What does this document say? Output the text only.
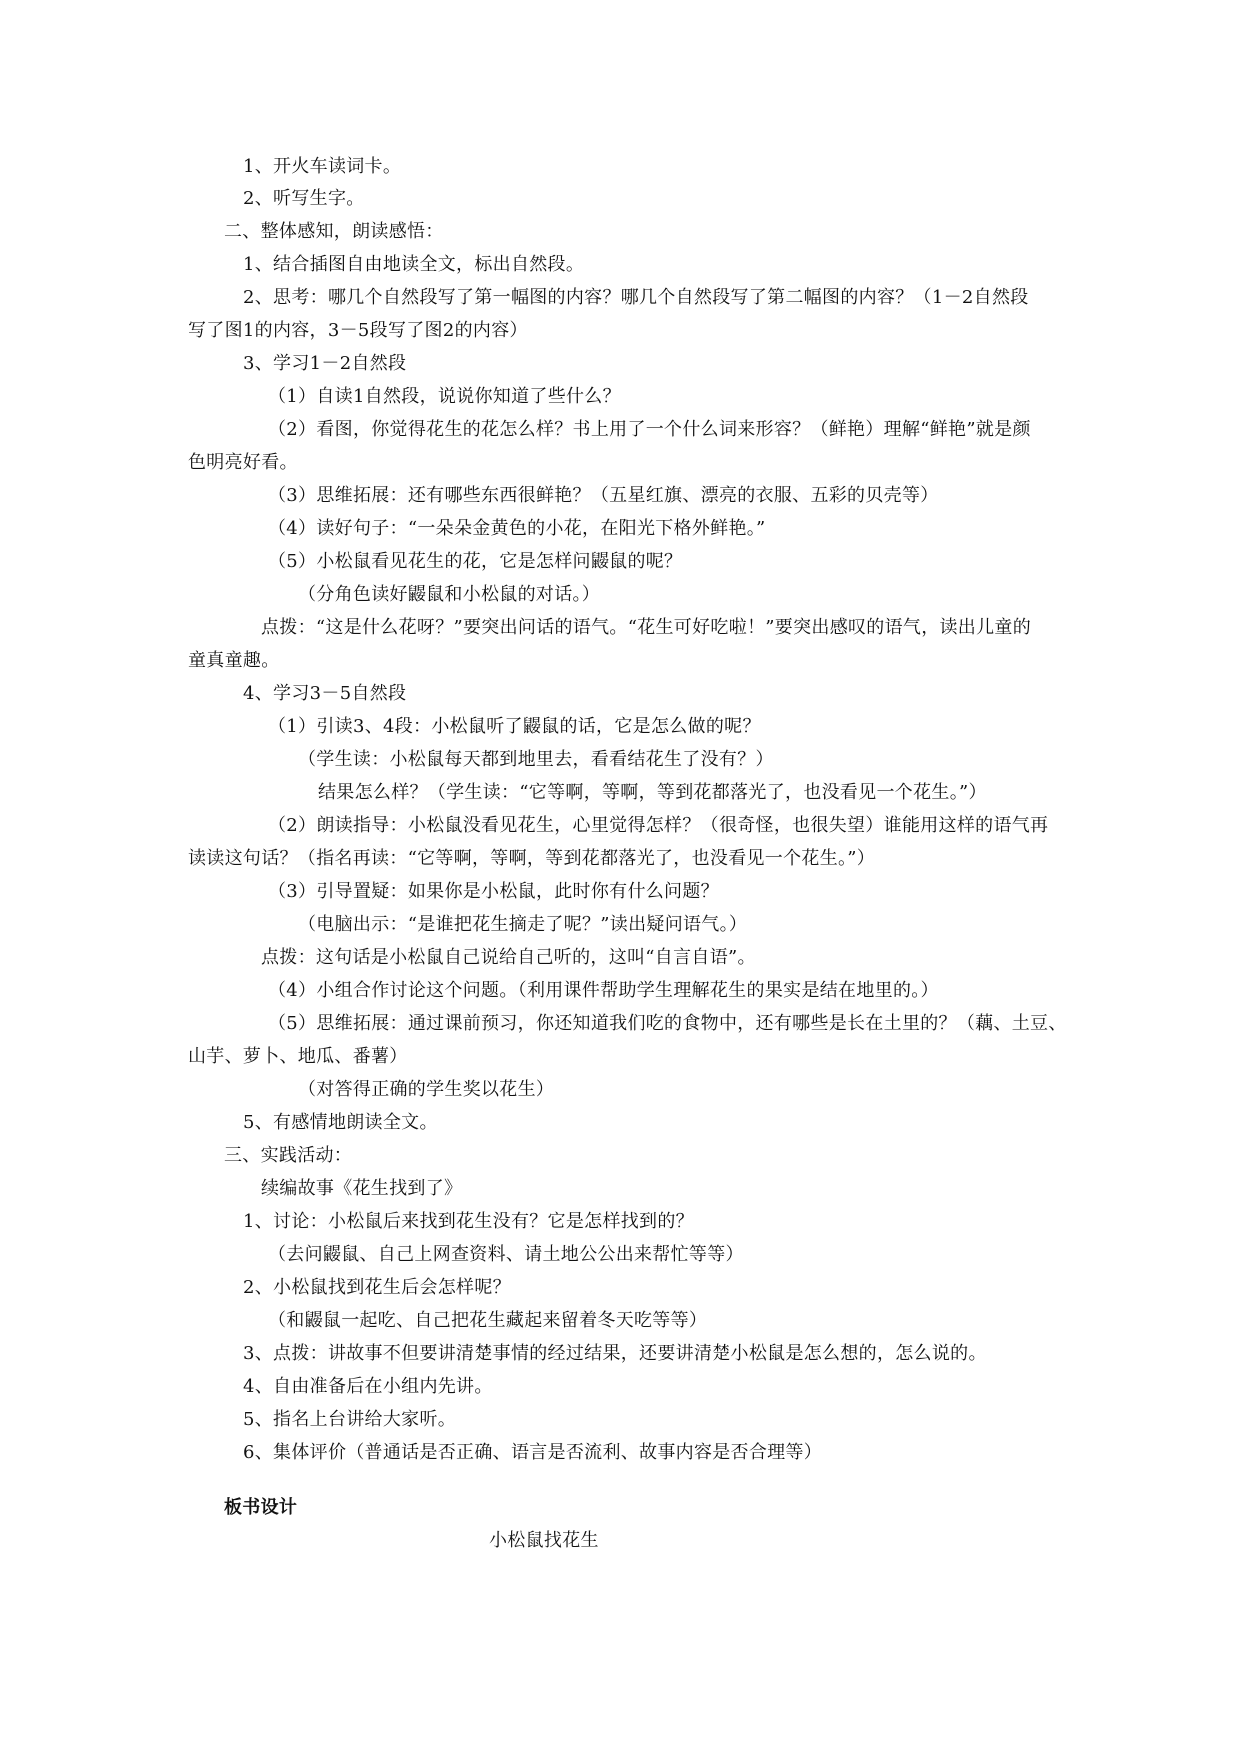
1、开火车读词卡。
2、听写生字。
二、整体感知，朗读感悟：
1、结合插图自由地读全文，标出自然段。
2、思考：哪几个自然段写了第一幅图的内容？哪几个自然段写了第二幅图的内容？（1－2自然段
写了图1的内容，3－5段写了图2的内容）
3、学习1－2自然段
（1）自读1自然段，说说你知道了些什么？
（2）看图，你觉得花生的花怎么样？书上用了一个什么词来形容？（鲜艳）理解“鲜艳”就是颜
色明亮好看。
（3）思维拓展：还有哪些东西很鲜艳？（五星红旗、漂亮的衣服、五彩的贝壳等）
（4）读好句子：“一朵朵金黄色的小花，在阳光下格外鲜艳。”
（5）小松鼠看见花生的花，它是怎样问鼹鼠的呢？
（分角色读好鼹鼠和小松鼠的对话。）
点拨：“这是什么花呀？”要突出问话的语气。“花生可好吃啦！”要突出感叹的语气，读出儿童的
童真童趣。
4、学习3－5自然段
（1）引读3、4段：小松鼠听了鼹鼠的话，它是怎么做的呢？
（学生读：小松鼠每天都到地里去，看看结花生了没有？）
结果怎么样？（学生读：“它等啊，等啊，等到花都落光了，也没看见一个花生。”）
（2）朗读指导：小松鼠没看见花生，心里觉得怎样？（很奇怪，也很失望）谁能用这样的语气再
读读这句话？（指名再读：“它等啊，等啊，等到花都落光了，也没看见一个花生。”）
（3）引导置疑：如果你是小松鼠，此时你有什么问题？
（电脑出示：“是谁把花生摘走了呢？”读出疑问语气。）
点拨：这句话是小松鼠自己说给自己听的，这叫“自言自语”。
（4）小组合作讨论这个问题。（利用课件帮助学生理解花生的果实是结在地里的。）
（5）思维拓展：通过课前预习，你还知道我们吃的食物中，还有哪些是长在土里的？（藕、土豆、
山芋、萝卜、地瓜、番薯）
（对答得正确的学生奖以花生）
5、有感情地朗读全文。
三、实践活动：
续编故事《花生找到了》
1、讨论：小松鼠后来找到花生没有？它是怎样找到的？
（去问鼹鼠、自己上网查资料、请土地公公出来帮忙等等）
2、小松鼠找到花生后会怎样呢？
（和鼹鼠一起吃、自己把花生藏起来留着冬天吃等等）
3、点拨：讲故事不但要讲清楚事情的经过结果，还要讲清楚小松鼠是怎么想的，怎么说的。
4、自由准备后在小组内先讲。
5、指名上台讲给大家听。
6、集体评价（普通话是否正确、语言是否流利、故事内容是否合理等）
板书设计
小松鼠找花生
